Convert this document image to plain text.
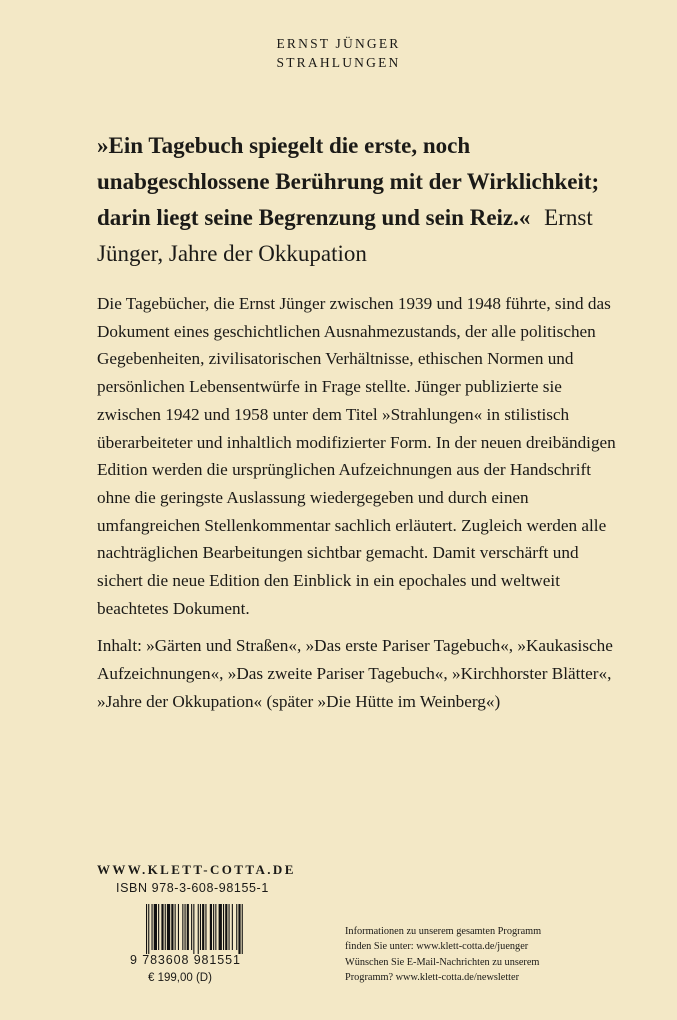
ERNST JÜNGER
STRAHLUNGEN
»Ein Tagebuch spiegelt die erste, noch unabgeschlossene Berührung mit der Wirklichkeit; darin liegt seine Begrenzung und sein Reiz.« Ernst Jünger, Jahre der Okkupation

Die Tagebücher, die Ernst Jünger zwischen 1939 und 1948 führte, sind das Dokument eines geschichtlichen Ausnahmezustands, der alle politischen Gegebenheiten, zivilisatorischen Verhältnisse, ethischen Normen und persönlichen Lebensentwürfe in Frage stellte. Jünger publizierte sie zwischen 1942 und 1958 unter dem Titel »Strahlungen« in stilistisch überarbeiteter und inhaltlich modifizierter Form. In der neuen dreibändigen Edition werden die ursprünglichen Aufzeichnungen aus der Handschrift ohne die geringste Auslassung wiedergegeben und durch einen umfangreichen Stellenkommentar sachlich erläutert. Zugleich werden alle nachträglichen Bearbeitungen sichtbar gemacht. Damit verschärft und sichert die neue Edition den Einblick in ein epochales und weltweit beachtetes Dokument.

Inhalt: »Gärten und Straßen«, »Das erste Pariser Tagebuch«, »Kaukasische Aufzeichnungen«, »Das zweite Pariser Tagebuch«, »Kirchhorster Blätter«, »Jahre der Okkupation« (später »Die Hütte im Weinberg«)

WWW.KLETT-COTTA.DE
ISBN 978-3-608-98155-1
9 783608 981551
€ 199,00 (D)
Informationen zu unserem gesamten Programm
finden Sie unter: www.klett-cotta.de/juenger
Wünschen Sie E-Mail-Nachrichten zu unserem
Programm? www.klett-cotta.de/newsletter
